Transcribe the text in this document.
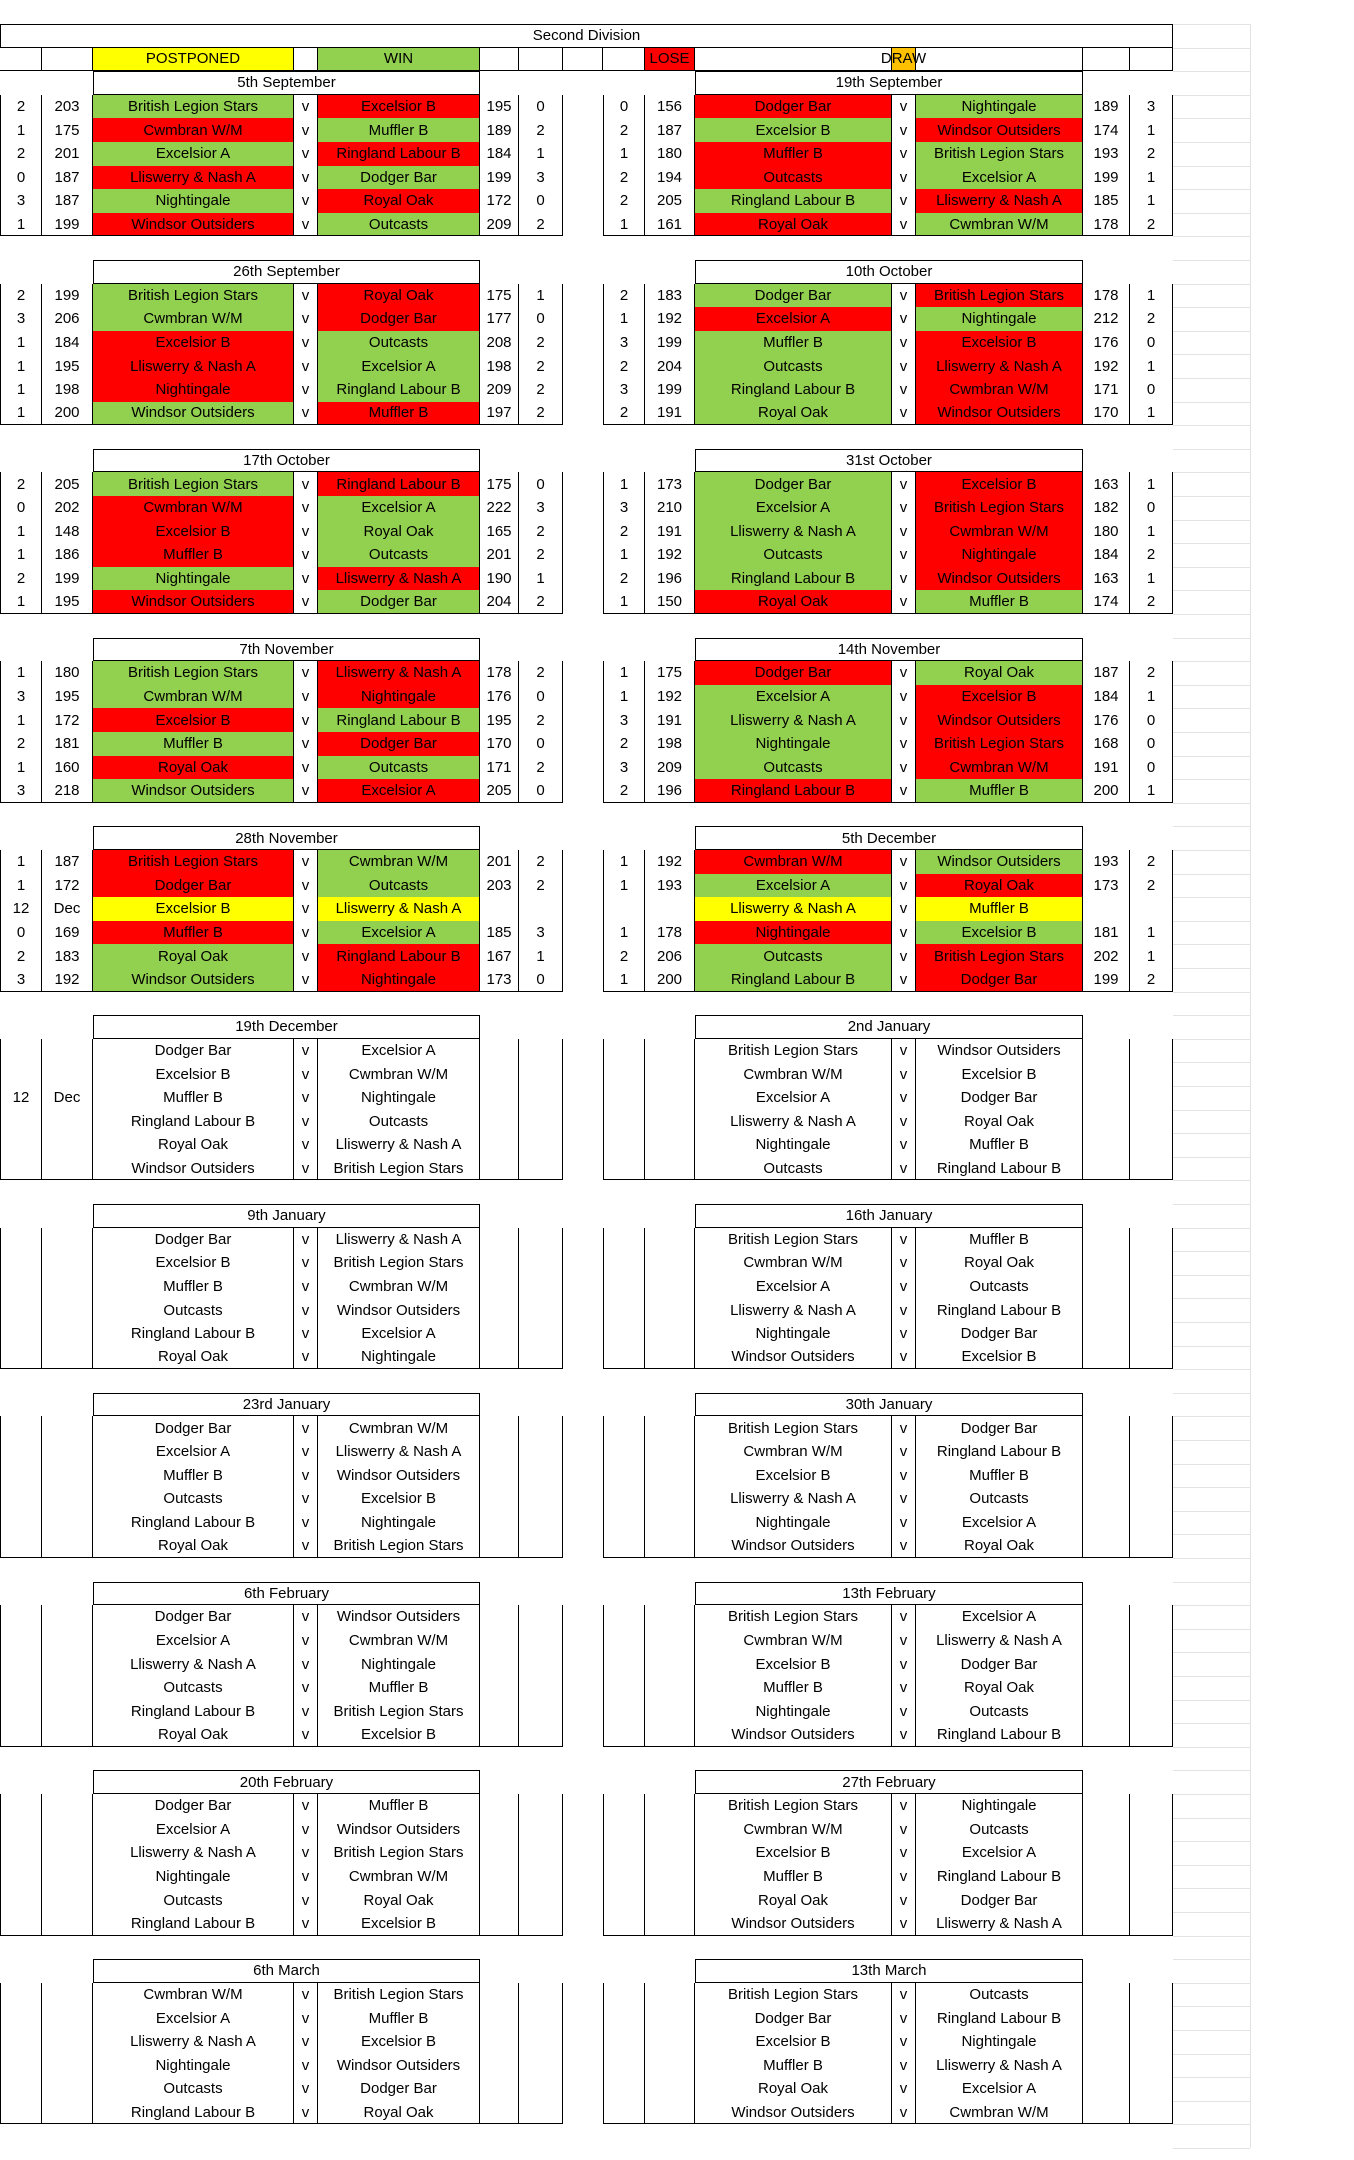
Second Division
POSTPONED	WIN	LOSE	DRAW
5th September
2	203	British Legion Stars	v	Excelsior B	195	0
1	175	Cwmbran W/M	v	Muffler B	189	2
2	201	Excelsior A	v	Ringland Labour B	184	1
0	187	Lliswerry & Nash A	v	Dodger Bar	199	3
3	187	Nightingale	v	Royal Oak	172	0
1	199	Windsor Outsiders	v	Outcasts	209	2
19th September
0	156	Dodger Bar	v	Nightingale	189	3
2	187	Excelsior B	v	Windsor Outsiders	174	1
1	180	Muffler B	v	British Legion Stars	193	2
2	194	Outcasts	v	Excelsior A	199	1
2	205	Ringland Labour B	v	Lliswerry & Nash A	185	1
1	161	Royal Oak	v	Cwmbran W/M	178	2
26th September
2	199	British Legion Stars	v	Royal Oak	175	1
3	206	Cwmbran W/M	v	Dodger Bar	177	0
1	184	Excelsior B	v	Outcasts	208	2
1	195	Lliswerry & Nash A	v	Excelsior A	198	2
1	198	Nightingale	v	Ringland Labour B	209	2
1	200	Windsor Outsiders	v	Muffler B	197	2
10th October
2	183	Dodger Bar	v	British Legion Stars	178	1
1	192	Excelsior A	v	Nightingale	212	2
3	199	Muffler B	v	Excelsior B	176	0
2	204	Outcasts	v	Lliswerry & Nash A	192	1
3	199	Ringland Labour B	v	Cwmbran W/M	171	0
2	191	Royal Oak	v	Windsor Outsiders	170	1
17th October
2	205	British Legion Stars	v	Ringland Labour B	175	0
0	202	Cwmbran W/M	v	Excelsior A	222	3
1	148	Excelsior B	v	Royal Oak	165	2
1	186	Muffler B	v	Outcasts	201	2
2	199	Nightingale	v	Lliswerry & Nash A	190	1
1	195	Windsor Outsiders	v	Dodger Bar	204	2
31st October
1	173	Dodger Bar	v	Excelsior B	163	1
3	210	Excelsior A	v	British Legion Stars	182	0
2	191	Lliswerry & Nash A	v	Cwmbran W/M	180	1
1	192	Outcasts	v	Nightingale	184	2
2	196	Ringland Labour B	v	Windsor Outsiders	163	1
1	150	Royal Oak	v	Muffler B	174	2
7th November
1	180	British Legion Stars	v	Lliswerry & Nash A	178	2
3	195	Cwmbran W/M	v	Nightingale	176	0
1	172	Excelsior B	v	Ringland Labour B	195	2
2	181	Muffler B	v	Dodger Bar	170	0
1	160	Royal Oak	v	Outcasts	171	2
3	218	Windsor Outsiders	v	Excelsior A	205	0
14th November
1	175	Dodger Bar	v	Royal Oak	187	2
1	192	Excelsior A	v	Excelsior B	184	1
3	191	Lliswerry & Nash A	v	Windsor Outsiders	176	0
2	198	Nightingale	v	British Legion Stars	168	0
3	209	Outcasts	v	Cwmbran W/M	191	0
2	196	Ringland Labour B	v	Muffler B	200	1
28th November
1	187	British Legion Stars	v	Cwmbran W/M	201	2
1	172	Dodger Bar	v	Outcasts	203	2
12	Dec	Excelsior B	v	Lliswerry & Nash A
0	169	Muffler B	v	Excelsior A	185	3
2	183	Royal Oak	v	Ringland Labour B	167	1
3	192	Windsor Outsiders	v	Nightingale	173	0
5th December
1	192	Cwmbran W/M	v	Windsor Outsiders	193	2
1	193	Excelsior A	v	Royal Oak	173	2
Lliswerry & Nash A	v	Muffler B
1	178	Nightingale	v	Excelsior B	181	1
2	206	Outcasts	v	British Legion Stars	202	1
1	200	Ringland Labour B	v	Dodger Bar	199	2
19th December
Dodger Bar	v	Excelsior A
Excelsior B	v	Cwmbran W/M
12	Dec	Muffler B	v	Nightingale
Ringland Labour B	v	Outcasts
Royal Oak	v	Lliswerry & Nash A
Windsor Outsiders	v	British Legion Stars
2nd January
British Legion Stars	v	Windsor Outsiders
Cwmbran W/M	v	Excelsior B
Excelsior A	v	Dodger Bar
Lliswerry & Nash A	v	Royal Oak
Nightingale	v	Muffler B
Outcasts	v	Ringland Labour B
9th January
Dodger Bar	v	Lliswerry & Nash A
Excelsior B	v	British Legion Stars
Muffler B	v	Cwmbran W/M
Outcasts	v	Windsor Outsiders
Ringland Labour B	v	Excelsior A
Royal Oak	v	Nightingale
16th January
British Legion Stars	v	Muffler B
Cwmbran W/M	v	Royal Oak
Excelsior A	v	Outcasts
Lliswerry & Nash A	v	Ringland Labour B
Nightingale	v	Dodger Bar
Windsor Outsiders	v	Excelsior B
23rd January
Dodger Bar	v	Cwmbran W/M
Excelsior A	v	Lliswerry & Nash A
Muffler B	v	Windsor Outsiders
Outcasts	v	Excelsior B
Ringland Labour B	v	Nightingale
Royal Oak	v	British Legion Stars
30th January
British Legion Stars	v	Dodger Bar
Cwmbran W/M	v	Ringland Labour B
Excelsior B	v	Muffler B
Lliswerry & Nash A	v	Outcasts
Nightingale	v	Excelsior A
Windsor Outsiders	v	Royal Oak
6th February
Dodger Bar	v	Windsor Outsiders
Excelsior A	v	Cwmbran W/M
Lliswerry & Nash A	v	Nightingale
Outcasts	v	Muffler B
Ringland Labour B	v	British Legion Stars
Royal Oak	v	Excelsior B
13th February
British Legion Stars	v	Excelsior A
Cwmbran W/M	v	Lliswerry & Nash A
Excelsior B	v	Dodger Bar
Muffler B	v	Royal Oak
Nightingale	v	Outcasts
Windsor Outsiders	v	Ringland Labour B
20th February
Dodger Bar	v	Muffler B
Excelsior A	v	Windsor Outsiders
Lliswerry & Nash A	v	British Legion Stars
Nightingale	v	Cwmbran W/M
Outcasts	v	Royal Oak
Ringland Labour B	v	Excelsior B
27th February
British Legion Stars	v	Nightingale
Cwmbran W/M	v	Outcasts
Excelsior B	v	Excelsior A
Muffler B	v	Ringland Labour B
Royal Oak	v	Dodger Bar
Windsor Outsiders	v	Lliswerry & Nash A
6th March
Cwmbran W/M	v	British Legion Stars
Excelsior A	v	Muffler B
Lliswerry & Nash A	v	Excelsior B
Nightingale	v	Windsor Outsiders
Outcasts	v	Dodger Bar
Ringland Labour B	v	Royal Oak
13th March
British Legion Stars	v	Outcasts
Dodger Bar	v	Ringland Labour B
Excelsior B	v	Nightingale
Muffler B	v	Lliswerry & Nash A
Royal Oak	v	Excelsior A
Windsor Outsiders	v	Cwmbran W/M
